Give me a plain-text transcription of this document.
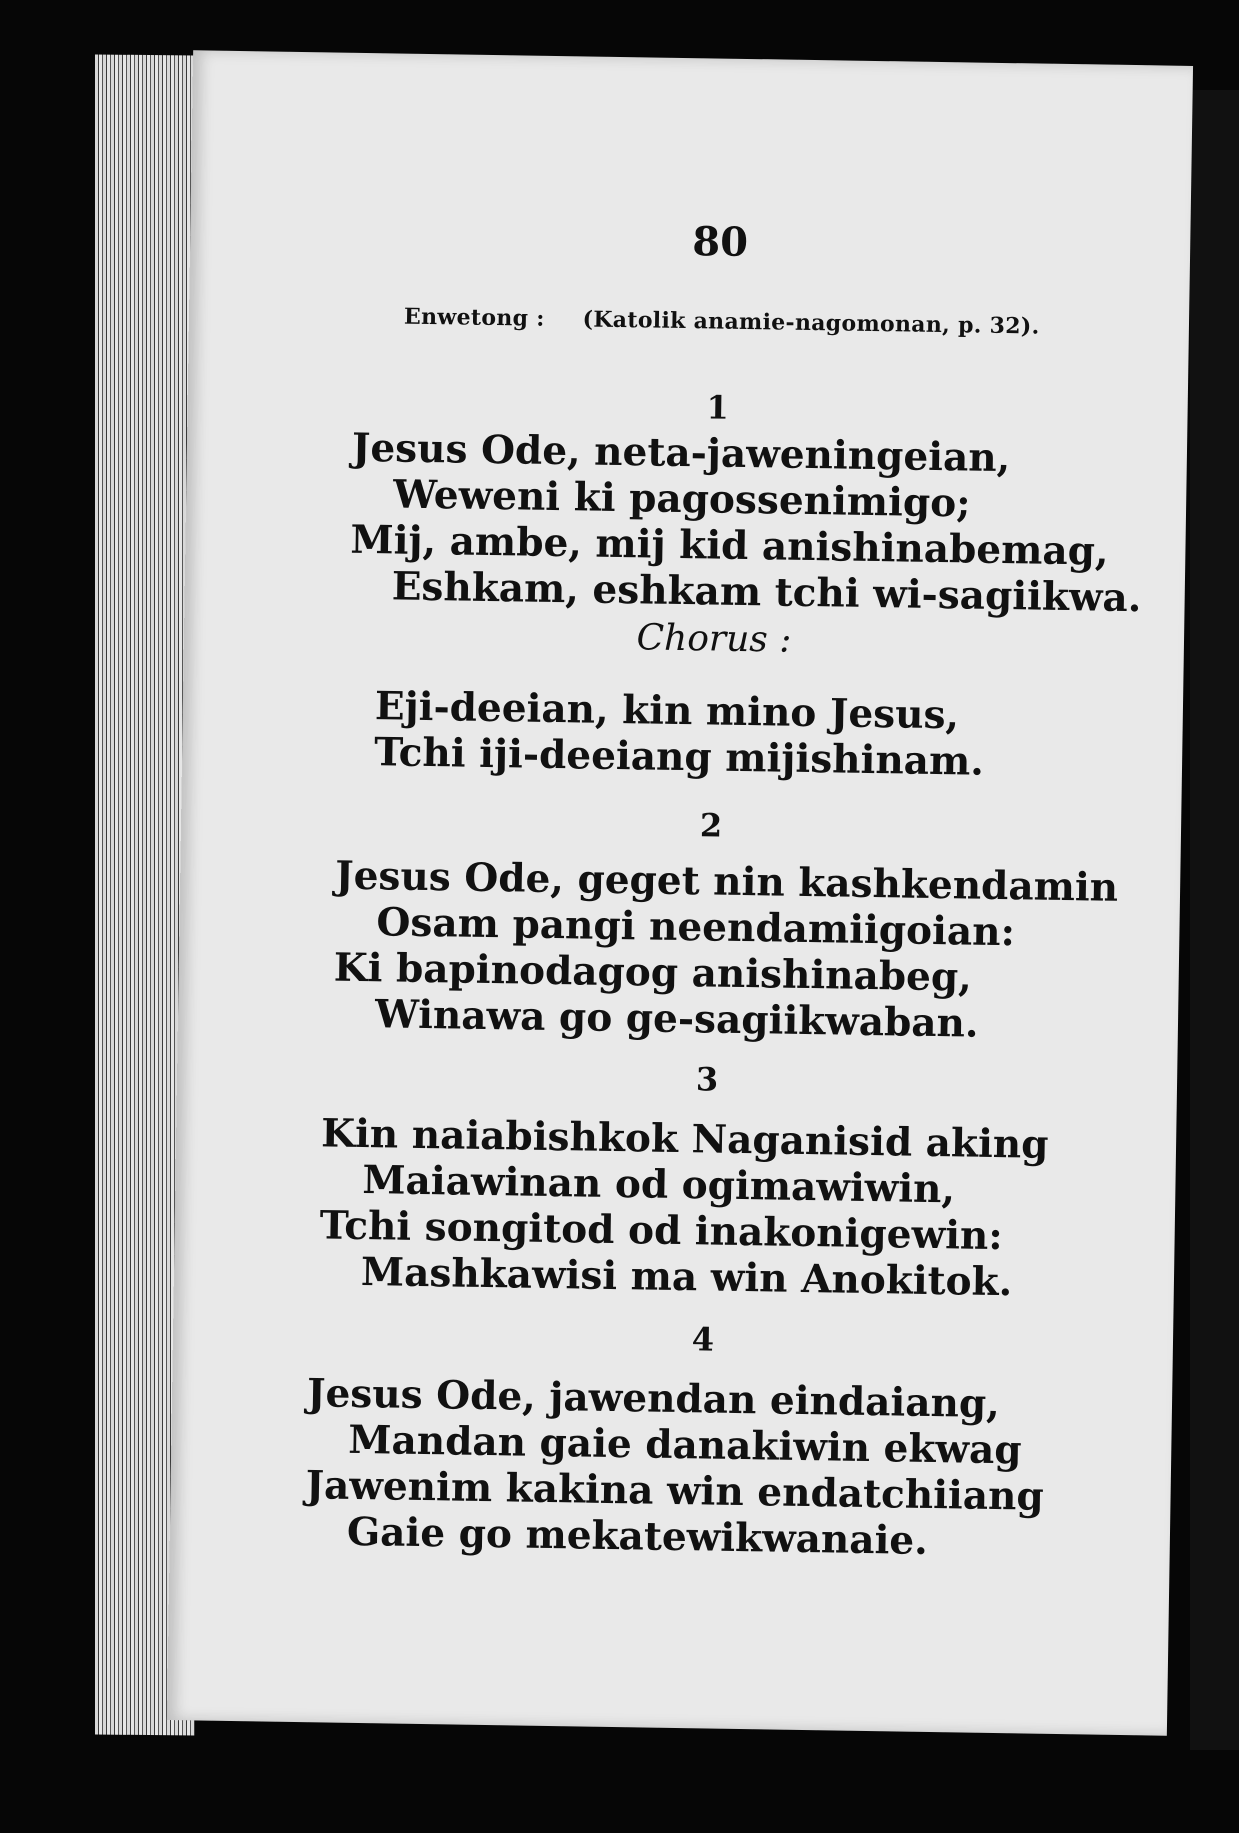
80
Enwetong : (Katolik anamie-nagomonan, p. 32).
1
Jesus Ode, neta-jaweningeian,
Weweni ki pagossenimigo;
Mij, ambe, mij kid anishinabemag,
Eshkam, eshkam tchi wi-sagiikwa.
Chorus :
Eji-deeian, kin mino Jesus,
Tchi iji-deeiang mijishinam.
2
Jesus Ode, geget nin kashkendamin
Osam pangi neendamiigoian:
Ki bapinodagog anishinabeg,
Winawa go ge-sagiikwaban.
3
Kin naiabishkok Naganisid aking
Maiawinan od ogimawiwin,
Tchi songitod od inakonigewin:
Mashkawisi ma win Anokitok.
4
Jesus Ode, jawendan eindaiang,
Mandan gaie danakiwin ekwag
Jawenim kakina win endatchiiang
Gaie go mekatewikwanaie.
